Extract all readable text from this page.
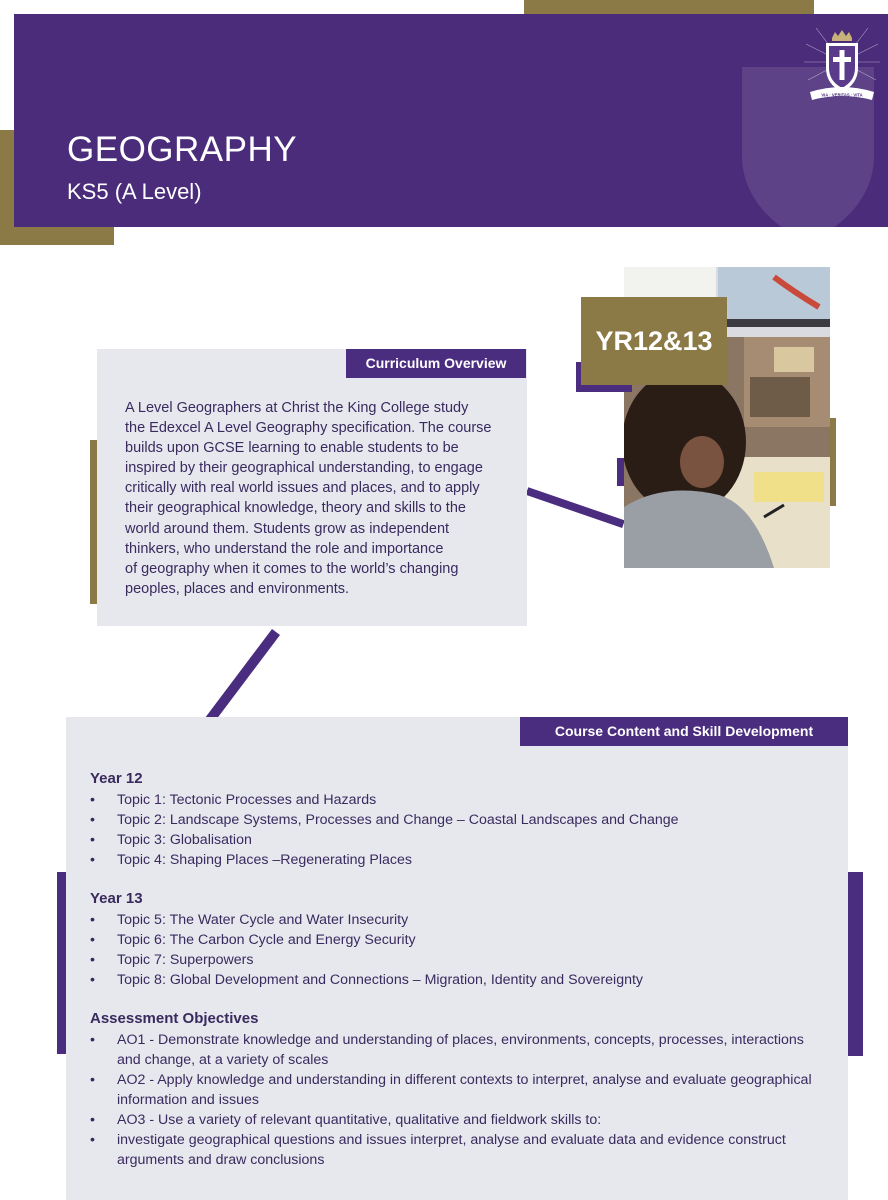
GEOGRAPHY
KS5 (A Level)
VIA · VERITAS · VITA
Curriculum Overview
A Level Geographers at Christ the King College study
the Edexcel A Level Geography specification. The course
builds upon GCSE learning to enable students to be
inspired by their geographical understanding, to engage
critically with real world issues and places, and to apply
their geographical knowledge, theory and skills to the
world around them. Students grow as independent
thinkers, who understand the role and importance
of geography when it comes to the world’s changing
peoples, places and environments.
YR12&13
Course Content and Skill Development
Year 12
• Topic 1: Tectonic Processes and Hazards
• Topic 2: Landscape Systems, Processes and Change – Coastal Landscapes and Change
• Topic 3: Globalisation
• Topic 4: Shaping Places –Regenerating Places
Year 13
• Topic 5: The Water Cycle and Water Insecurity
• Topic 6: The Carbon Cycle and Energy Security
• Topic 7: Superpowers
• Topic 8: Global Development and Connections – Migration, Identity and Sovereignty
Assessment Objectives
• AO1 - Demonstrate knowledge and understanding of places, environments, concepts, processes, interactions and change, at a variety of scales
• AO2 - Apply knowledge and understanding in different contexts to interpret, analyse and evaluate geographical information and issues
• AO3 - Use a variety of relevant quantitative, qualitative and fieldwork skills to:
• investigate geographical questions and issues interpret, analyse and evaluate data and evidence construct arguments and draw conclusions
